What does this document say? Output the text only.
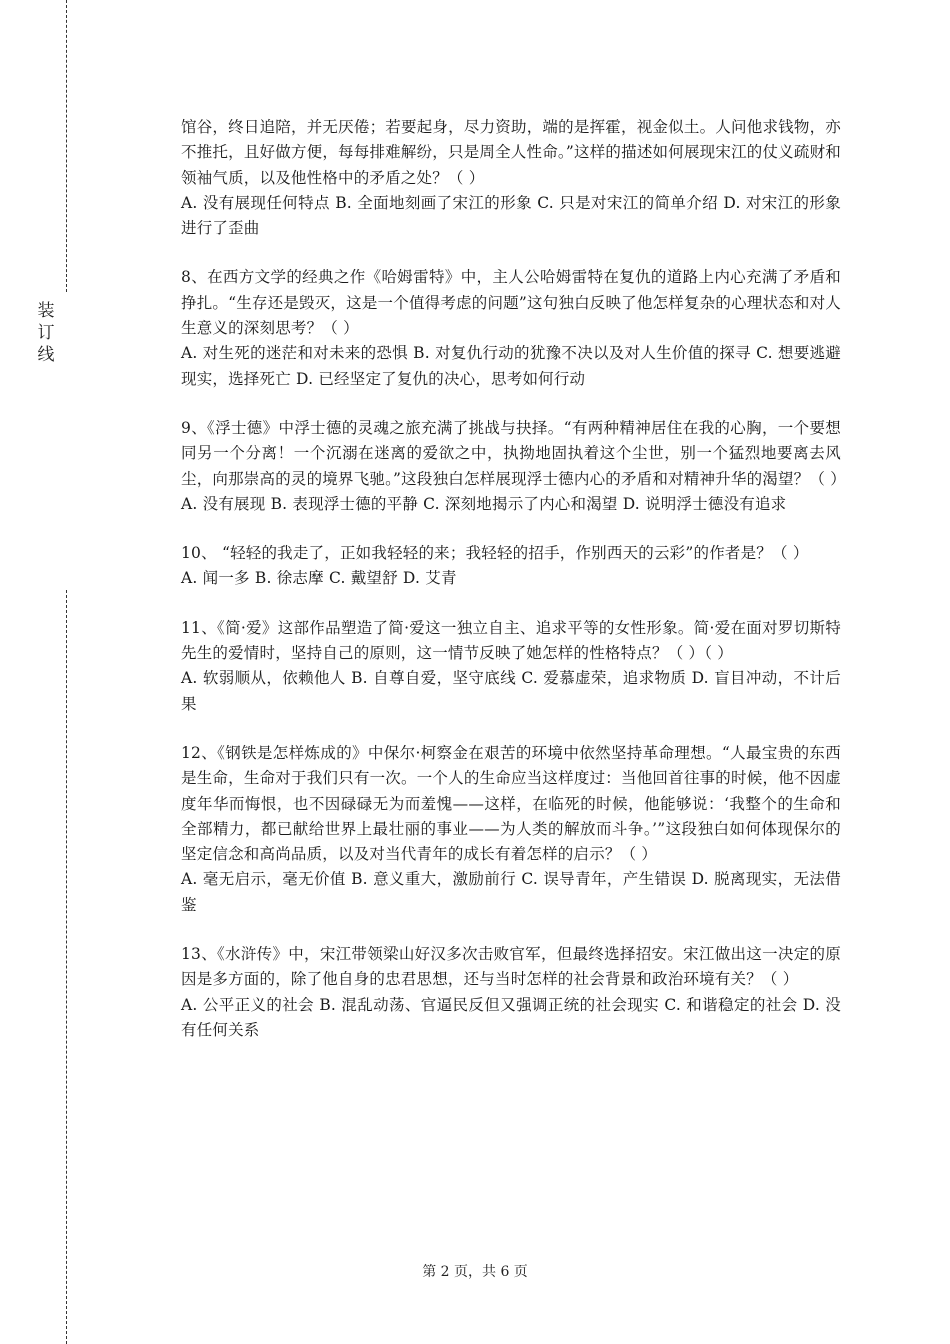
装订线

馆谷，终日追陪，并无厌倦；若要起身，尽力资助，端的是挥霍，视金似土。人问他求钱物，亦不推托，且好做方便，每每排难解纷，只是周全人性命。”这样的描述如何展现宋江的仗义疏财和领袖气质，以及他性格中的矛盾之处？（ ）

A. 没有展现任何特点 B. 全面地刻画了宋江的形象 C. 只是对宋江的简单介绍 D. 对宋江的形象进行了歪曲

8、在西方文学的经典之作《哈姆雷特》中，主人公哈姆雷特在复仇的道路上内心充满了矛盾和挣扎。“生存还是毁灭，这是一个值得考虑的问题”这句独白反映了他怎样复杂的心理状态和对人生意义的深刻思考？（ ）

A. 对生死的迷茫和对未来的恐惧 B. 对复仇行动的犹豫不决以及对人生价值的探寻 C. 想要逃避现实，选择死亡 D. 已经坚定了复仇的决心，思考如何行动

9、《浮士德》中浮士德的灵魂之旅充满了挑战与抉择。“有两种精神居住在我的心胸，一个要想同另一个分离！一个沉溺在迷离的爱欲之中，执拗地固执着这个尘世，别一个猛烈地要离去风尘，向那崇高的灵的境界飞驰。”这段独白怎样展现浮士德内心的矛盾和对精神升华的渴望？（ ）

A. 没有展现 B. 表现浮士德的平静 C. 深刻地揭示了内心和渴望 D. 说明浮士德没有追求

10、 “轻轻的我走了，正如我轻轻的来；我轻轻的招手，作别西天的云彩”的作者是？（ ）

A. 闻一多 B. 徐志摩 C. 戴望舒 D. 艾青

11、《简·爱》这部作品塑造了简·爱这一独立自主、追求平等的女性形象。简·爱在面对罗切斯特先生的爱情时，坚持自己的原则，这一情节反映了她怎样的性格特点？（ ）（ ）

A. 软弱顺从，依赖他人 B. 自尊自爱，坚守底线 C. 爱慕虚荣，追求物质 D. 盲目冲动，不计后果

12、《钢铁是怎样炼成的》中保尔·柯察金在艰苦的环境中依然坚持革命理想。“人最宝贵的东西是生命，生命对于我们只有一次。一个人的生命应当这样度过：当他回首往事的时候，他不因虚度年华而悔恨，也不因碌碌无为而羞愧——这样，在临死的时候，他能够说：‘我整个的生命和全部精力，都已献给世界上最壮丽的事业——为人类的解放而斗争。’”这段独白如何体现保尔的坚定信念和高尚品质，以及对当代青年的成长有着怎样的启示？（ ）

A. 毫无启示，毫无价值 B. 意义重大，激励前行 C. 误导青年，产生错误 D. 脱离现实，无法借鉴

13、《水浒传》中，宋江带领梁山好汉多次击败官军，但最终选择招安。宋江做出这一决定的原因是多方面的，除了他自身的忠君思想，还与当时怎样的社会背景和政治环境有关？（ ）

A. 公平正义的社会 B. 混乱动荡、官逼民反但又强调正统的社会现实 C. 和谐稳定的社会 D. 没有任何关系

第 2 页，共 6 页
